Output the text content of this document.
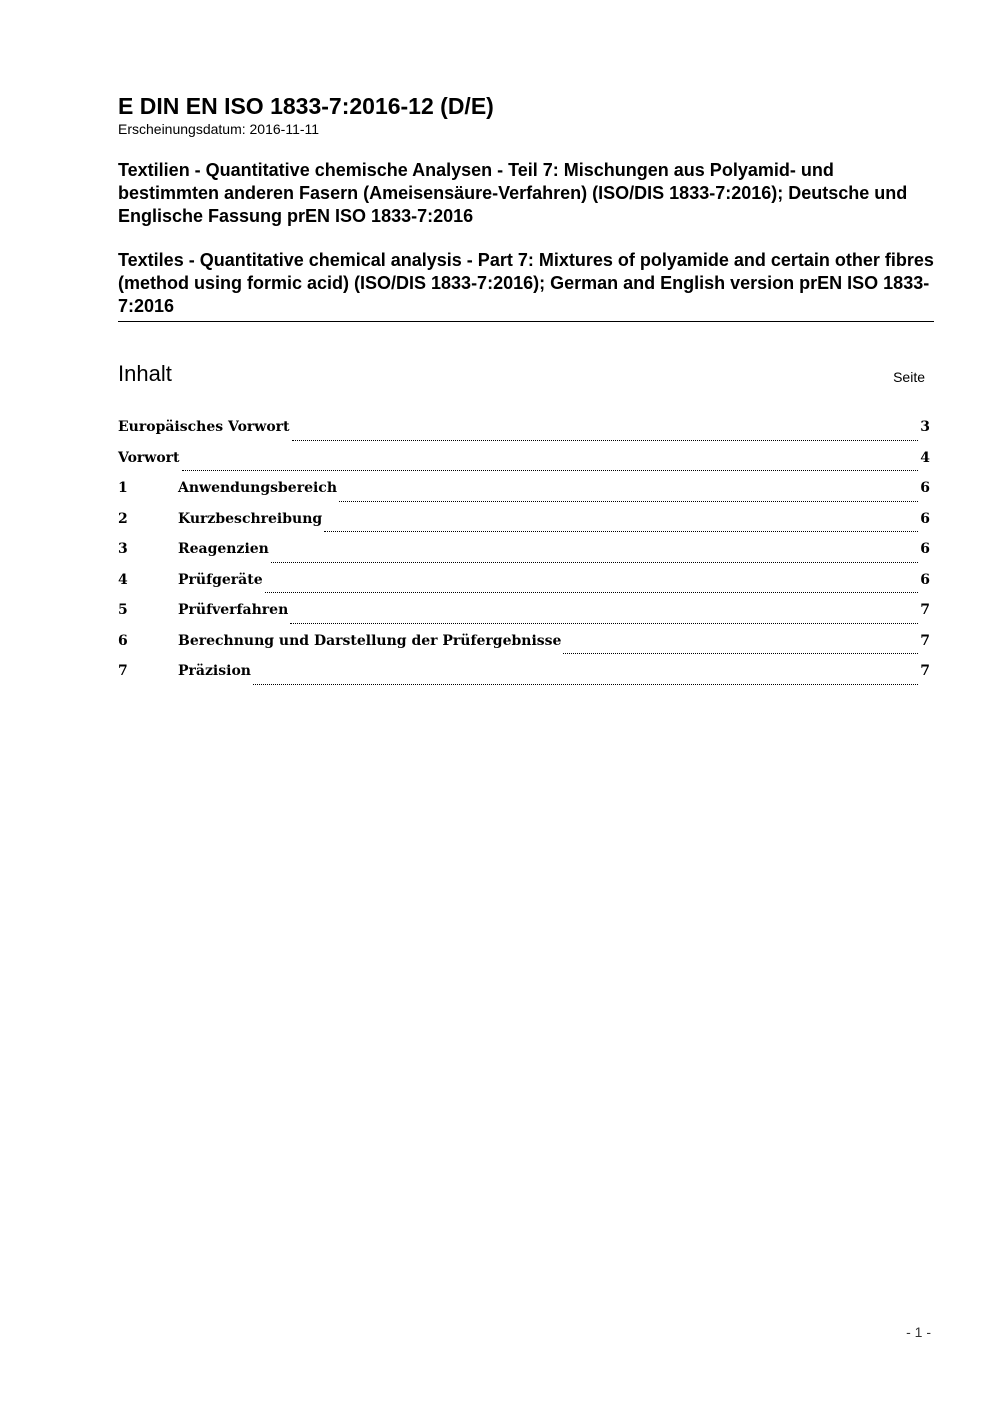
E DIN EN ISO 1833-7:2016-12 (D/E)

Erscheinungsdatum: 2016-11-11

Textilien - Quantitative chemische Analysen - Teil 7: Mischungen aus Polyamid- und bestimmten anderen Fasern (Ameisensäure-Verfahren) (ISO/DIS 1833-7:2016); Deutsche und Englische Fassung prEN ISO 1833-7:2016

Textiles - Quantitative chemical analysis - Part 7: Mixtures of polyamide and certain other fibres (method using formic acid) (ISO/DIS 1833-7:2016); German and English version prEN ISO 1833-7:2016

Inhalt	Seite
Europäisches Vorwort	3
Vorwort	4
1	Anwendungsbereich	6
2	Kurzbeschreibung	6
3	Reagenzien	6
4	Prüfgeräte	6
5	Prüfverfahren	7
6	Berechnung und Darstellung der Prüfergebnisse	7
7	Präzision	7
- 1 -
